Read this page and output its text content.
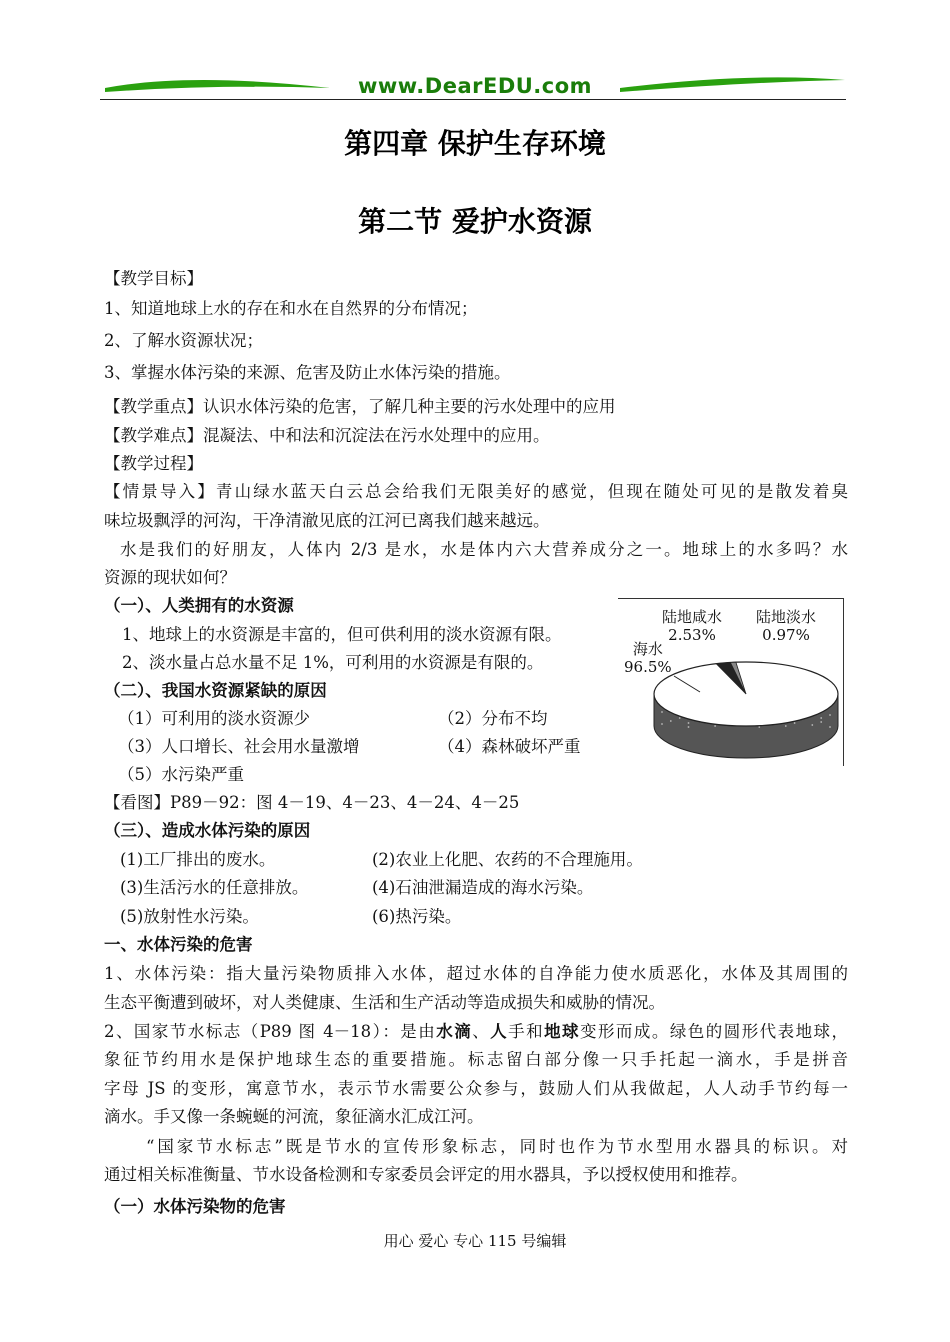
www.DearEDU.com
第四章 保护生存环境
第二节 爱护水资源
【教学目标】
1、知道地球上水的存在和水在自然界的分布情况；
2、了解水资源状况；
3、掌握水体污染的来源、危害及防止水体污染的措施。
【教学重点】认识水体污染的危害，了解几种主要的污水处理中的应用
【教学难点】混凝法、中和法和沉淀法在污水处理中的应用。
【教学过程】
【情景导入】青山绿水蓝天白云总会给我们无限美好的感觉，但现在随处可见的是散发着臭
味垃圾飘浮的河沟，干净清澈见底的江河已离我们越来越远。
水是我们的好朋友，人体内 2/3 是水，水是体内六大营养成分之一。地球上的水多吗？水
资源的现状如何？
（一）、人类拥有的水资源
1、地球上的水资源是丰富的，但可供利用的淡水资源有限。
2、淡水量占总水量不足 1%，可利用的水资源是有限的。
（二）、我国水资源紧缺的原因
（1）可利用的淡水资源少	（2）分布不均
（3）人口增长、社会用水量激增	（4）森林破坏严重
（5）水污染严重
【看图】P89－92：图 4－19、4－23、4－24、4－25
（三）、造成水体污染的原因
(1)工厂排出的废水。	(2)农业上化肥、农药的不合理施用。
(3)生活污水的任意排放。	(4)石油泄漏造成的海水污染。
(5)放射性水污染。	(6)热污染。
一、水体污染的危害
1、水体污染：指大量污染物质排入水体，超过水体的自净能力使水质恶化，水体及其周围的
生态平衡遭到破坏，对人类健康、生活和生产活动等造成损失和威胁的情况。
2、国家节水标志（P89 图 4－18）：是由水滴、人手和地球变形而成。绿色的圆形代表地球，
象征节约用水是保护地球生态的重要措施。标志留白部分像一只手托起一滴水，手是拼音
字母 JS 的变形，寓意节水，表示节水需要公众参与，鼓励人们从我做起，人人动手节约每一
滴水。手又像一条蜿蜒的河流，象征滴水汇成江河。
“国家节水标志”既是节水的宣传形象标志，同时也作为节水型用水器具的标识。对
通过相关标准衡量、节水设备检测和专家委员会评定的用水器具，予以授权使用和推荐。
（一）水体污染物的危害
海水
96.5%
陆地咸水
2.53%
陆地淡水
0.97%
用心 爱心 专心 115 号编辑
